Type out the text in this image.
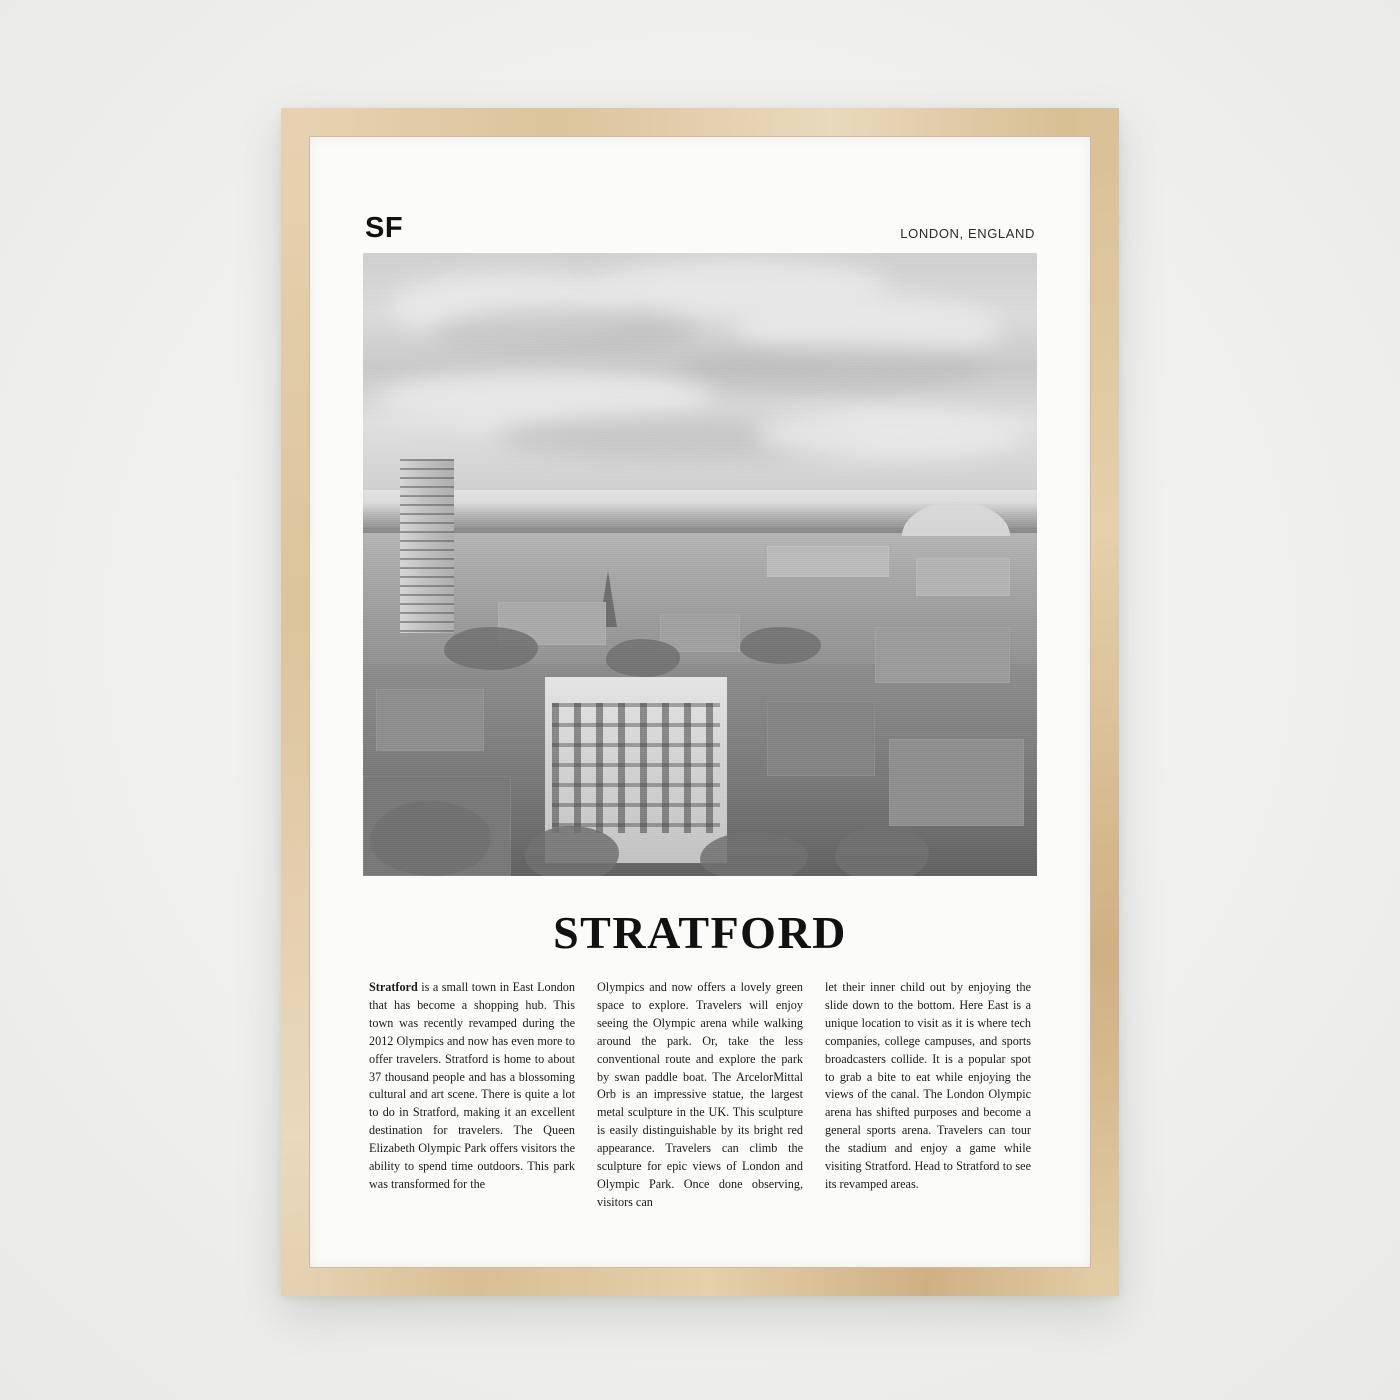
SF	LONDON, ENGLAND
STRATFORD
Stratford is a small town in East London that has become a shopping hub. This town was recently revamped during the 2012 Olympics and now has even more to offer travelers. Stratford is home to about 37 thousand people and has a blossoming cultural and art scene. There is quite a lot to do in Stratford, making it an excellent destination for travelers. The Queen Elizabeth Olympic Park offers visitors the ability to spend time outdoors. This park was transformed for the
Olympics and now offers a lovely green space to explore. Travelers will enjoy seeing the Olympic arena while walking around the park. Or, take the less conventional route and explore the park by swan paddle boat. The ArcelorMittal Orb is an impressive statue, the largest metal sculpture in the UK. This sculpture is easily distinguishable by its bright red appearance. Travelers can climb the sculpture for epic views of London and Olympic Park. Once done observing, visitors can
let their inner child out by enjoying the slide down to the bottom. Here East is a unique location to visit as it is where tech companies, college campuses, and sports broadcasters collide. It is a popular spot to grab a bite to eat while enjoying the views of the canal. The London Olympic arena has shifted purposes and become a general sports arena. Travelers can tour the stadium and enjoy a game while visiting Stratford. Head to Stratford to see its revamped areas.
